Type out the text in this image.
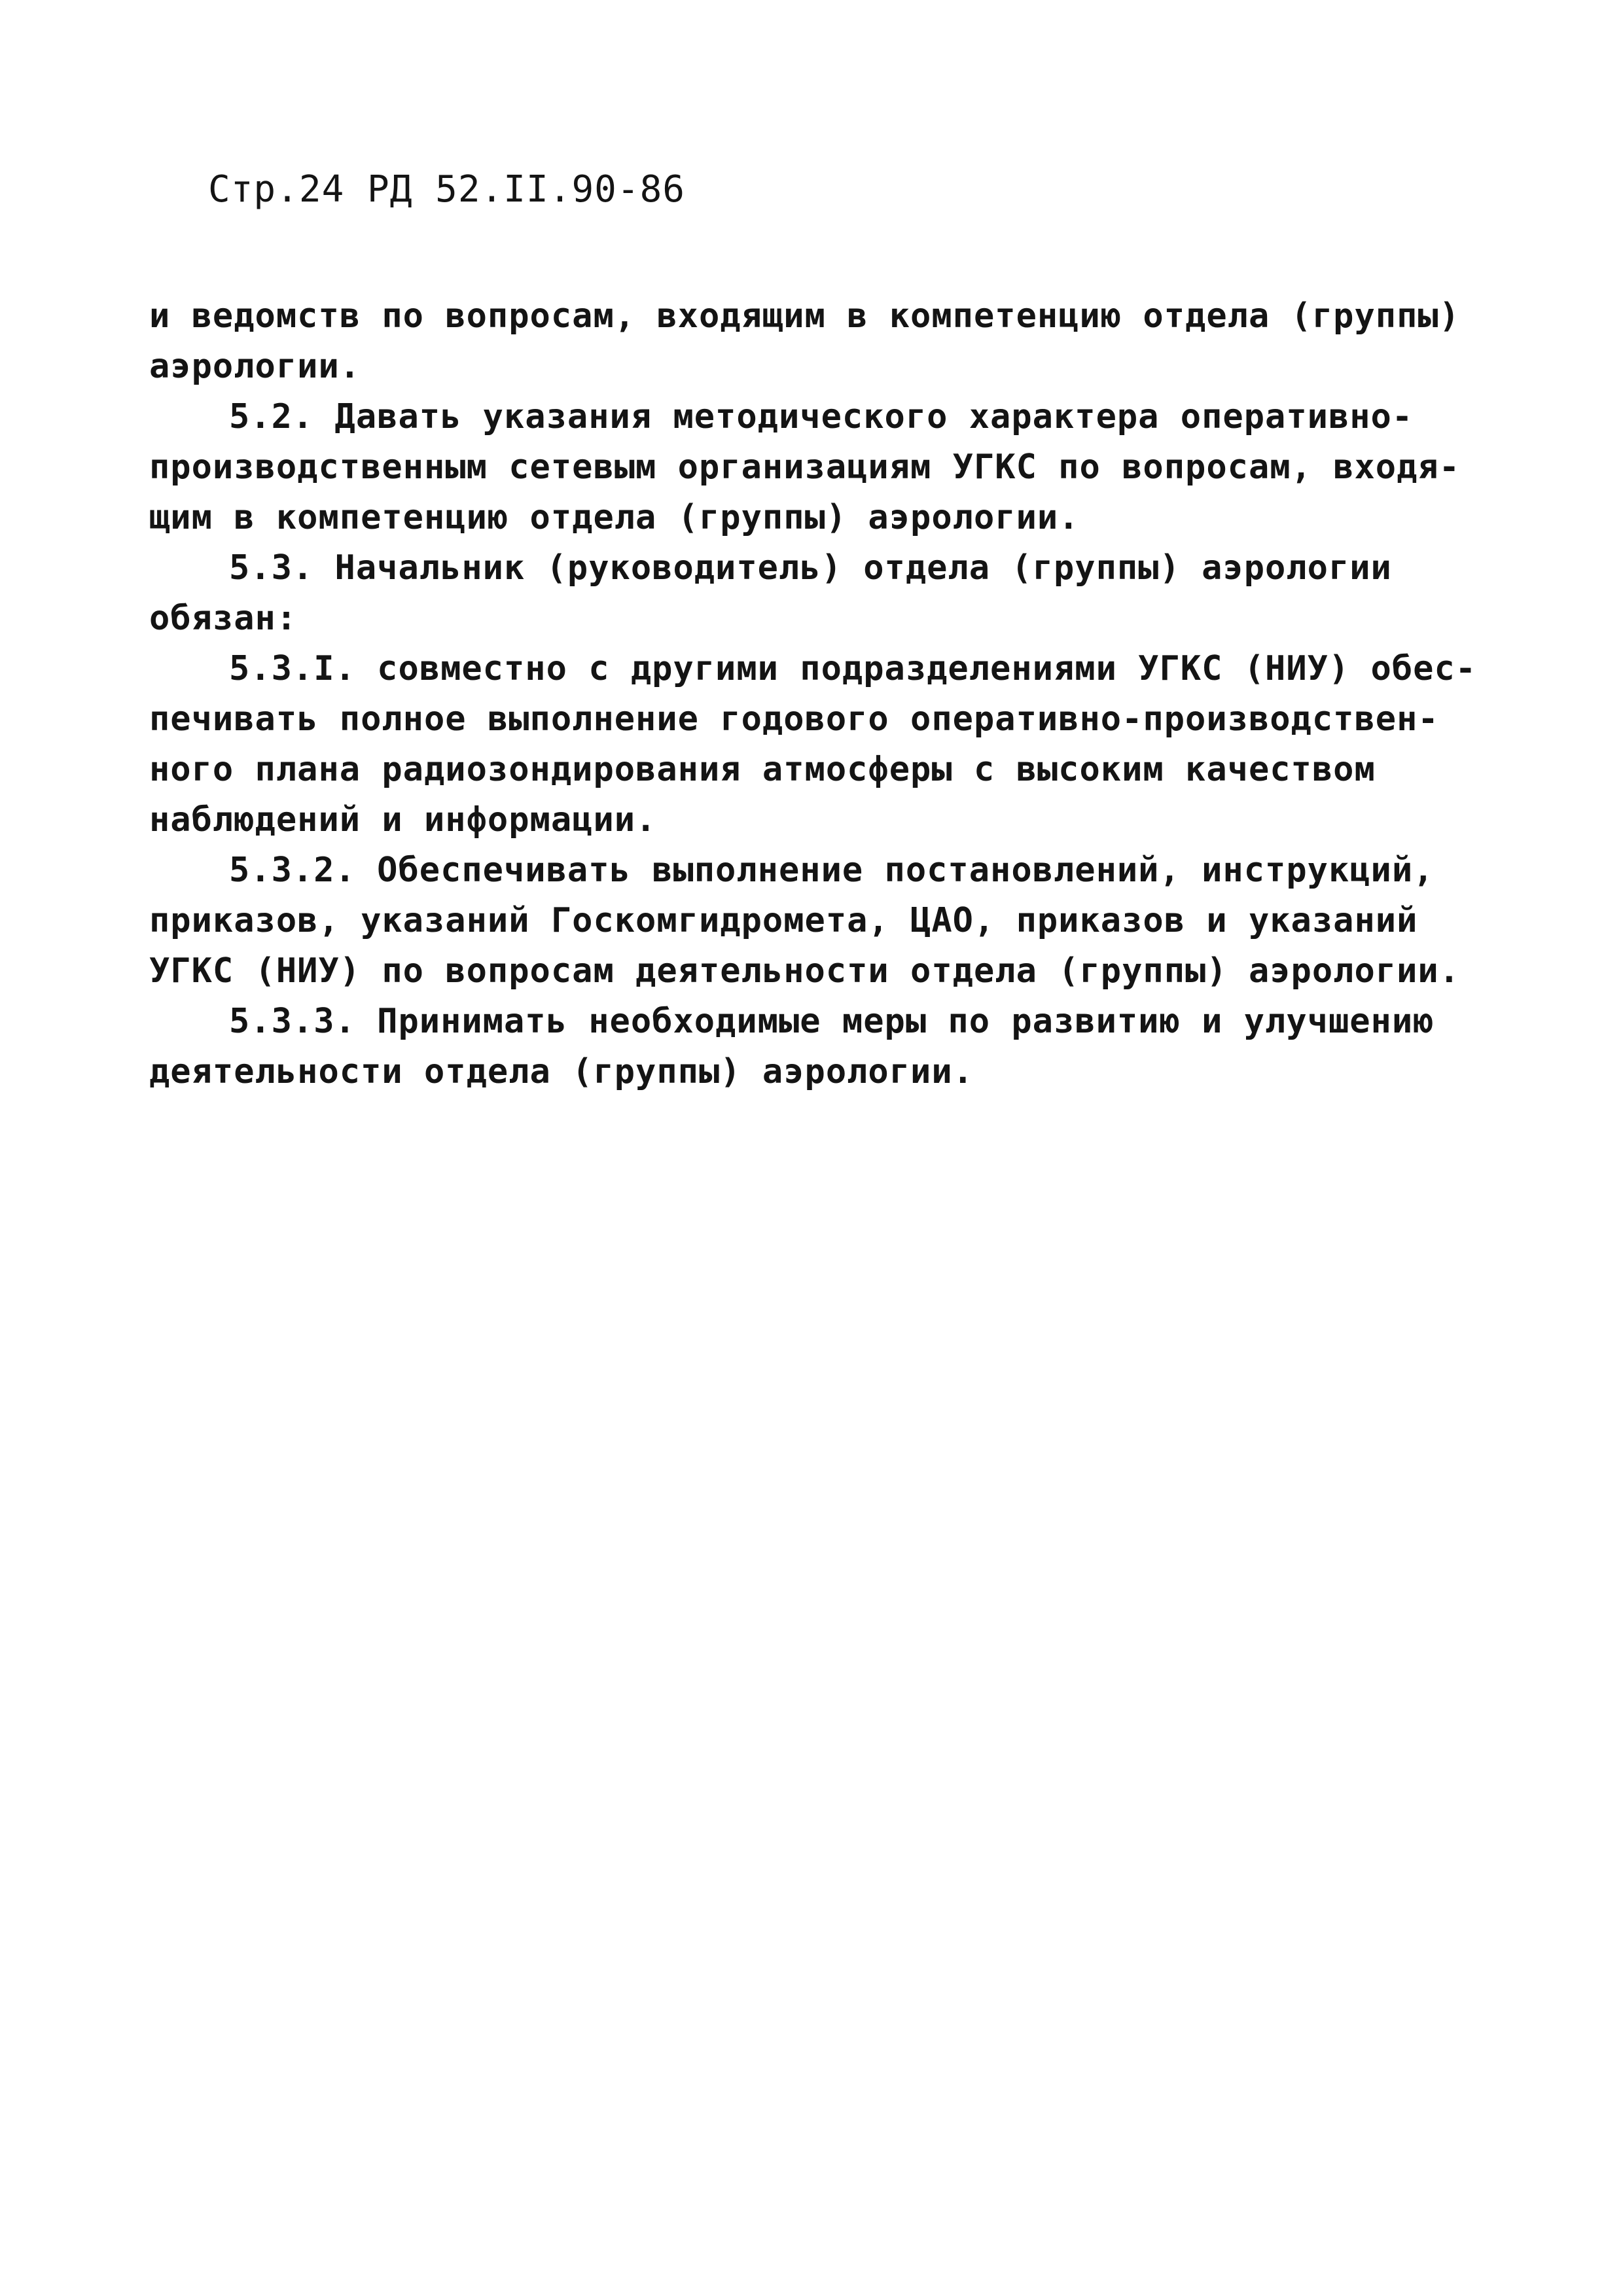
Стр.24 РД 52.II.90-86
и ведомств по вопросам, входящим в компетенцию отдела (группы)
аэрологии.
5.2. Давать указания методического характера оперативно-
производственным сетевым организациям УГКС по вопросам, входя-
щим в компетенцию отдела (группы) аэрологии.
5.3. Начальник (руководитель) отдела (группы) аэрологии
обязан:
5.3.I. совместно с другими подразделениями УГКС (НИУ) обес-
печивать полное выполнение годового оперативно-производствен-
ного плана радиозондирования атмосферы с высоким качеством
наблюдений и информации.
5.3.2. Обеспечивать выполнение постановлений, инструкций,
приказов, указаний Госкомгидромета, ЦАО, приказов и указаний
УГКС (НИУ) по вопросам деятельности отдела (группы) аэрологии.
5.3.3. Принимать необходимые меры по развитию и улучшению
деятельности отдела (группы) аэрологии.
